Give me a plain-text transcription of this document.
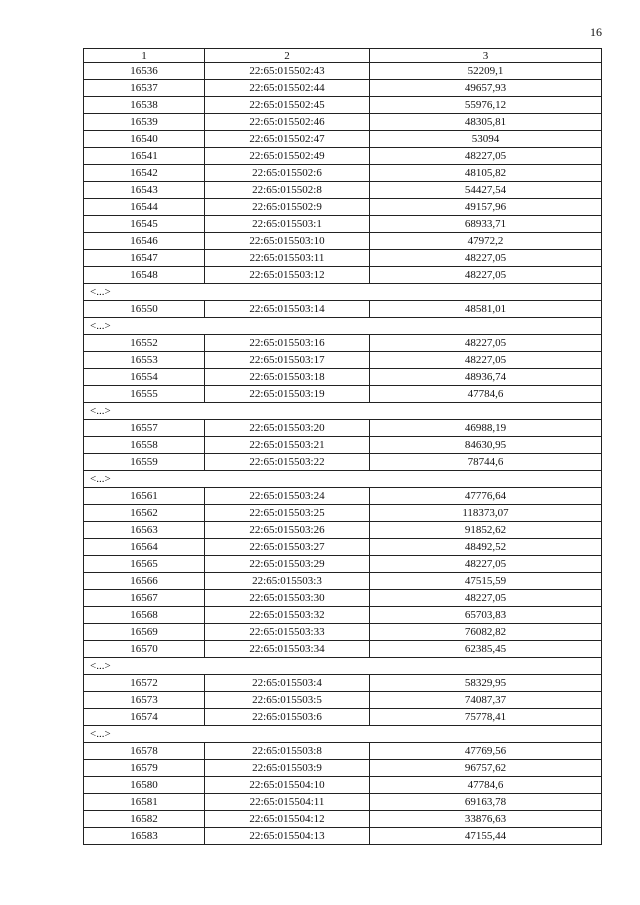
16
1	2	3
16536	22:65:015502:43	52209,1
16537	22:65:015502:44	49657,93
16538	22:65:015502:45	55976,12
16539	22:65:015502:46	48305,81
16540	22:65:015502:47	53094
16541	22:65:015502:49	48227,05
16542	22:65:015502:6	48105,82
16543	22:65:015502:8	54427,54
16544	22:65:015502:9	49157,96
16545	22:65:015503:1	68933,71
16546	22:65:015503:10	47972,2
16547	22:65:015503:11	48227,05
16548	22:65:015503:12	48227,05
<...>		
16550	22:65:015503:14	48581,01
<...>		
16552	22:65:015503:16	48227,05
16553	22:65:015503:17	48227,05
16554	22:65:015503:18	48936,74
16555	22:65:015503:19	47784,6
<...>		
16557	22:65:015503:20	46988,19
16558	22:65:015503:21	84630,95
16559	22:65:015503:22	78744,6
<...>		
16561	22:65:015503:24	47776,64
16562	22:65:015503:25	118373,07
16563	22:65:015503:26	91852,62
16564	22:65:015503:27	48492,52
16565	22:65:015503:29	48227,05
16566	22:65:015503:3	47515,59
16567	22:65:015503:30	48227,05
16568	22:65:015503:32	65703,83
16569	22:65:015503:33	76082,82
16570	22:65:015503:34	62385,45
<...>		
16572	22:65:015503:4	58329,95
16573	22:65:015503:5	74087,37
16574	22:65:015503:6	75778,41
<...>		
16578	22:65:015503:8	47769,56
16579	22:65:015503:9	96757,62
16580	22:65:015504:10	47784,6
16581	22:65:015504:11	69163,78
16582	22:65:015504:12	33876,63
16583	22:65:015504:13	47155,44
